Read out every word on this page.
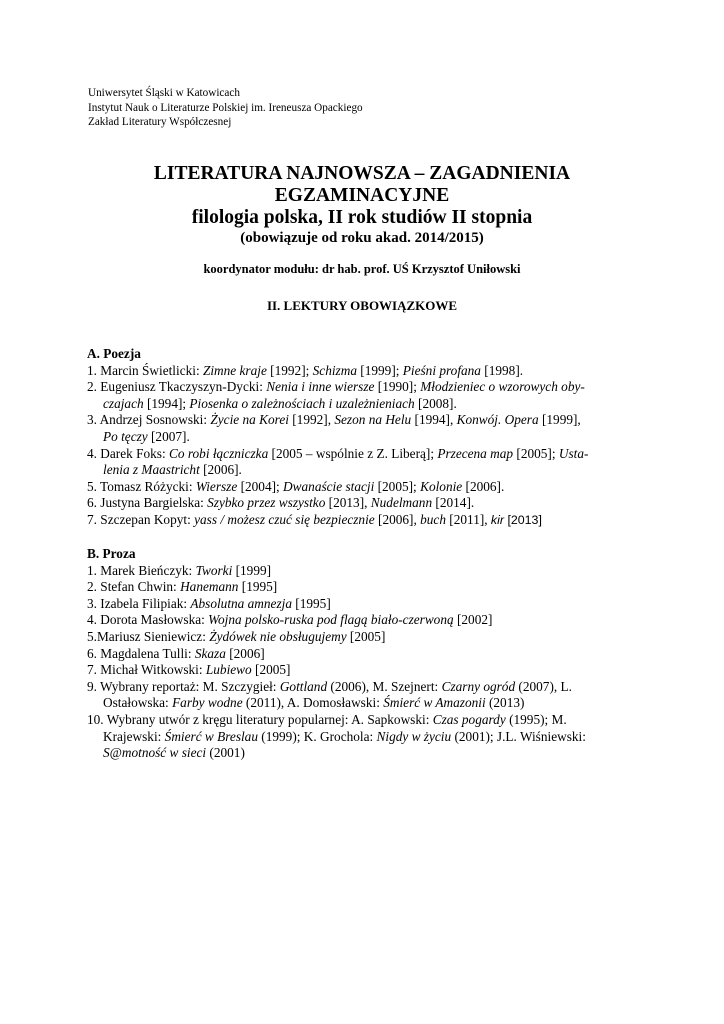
Uniwersytet Śląski w Katowicach
Instytut Nauk o Literaturze Polskiej im. Ireneusza Opackiego
Zakład Literatury Współczesnej
LITERATURA NAJNOWSZA – ZAGADNIENIA
EGZAMINACYJNE
filologia polska, II rok studiów II stopnia
(obowiązuje od roku akad. 2014/2015)
koordynator modułu: dr hab. prof. UŚ Krzysztof Uniłowski
II. LEKTURY OBOWIĄZKOWE
A. Poezja
1. Marcin Świetlicki: Zimne kraje [1992]; Schizma [1999]; Pieśni profana [1998].
2. Eugeniusz Tkaczyszyn-Dycki: Nenia i inne wiersze [1990]; Młodzieniec o wzorowych oby-
czajach [1994]; Piosenka o zależnościach i uzależnieniach [2008].
3. Andrzej Sosnowski: Życie na Korei [1992], Sezon na Helu [1994], Konwój. Opera [1999],
Po tęczy [2007].
4. Darek Foks: Co robi łączniczka [2005 – wspólnie z Z. Liberą]; Przecena map [2005]; Usta-
lenia z Maastricht [2006].
5. Tomasz Różycki: Wiersze [2004]; Dwanaście stacji [2005]; Kolonie [2006].
6. Justyna Bargielska: Szybko przez wszystko [2013], Nudelmann [2014].
7. Szczepan Kopyt: yass / możesz czuć się bezpiecznie [2006], buch [2011], kir [2013]
B. Proza
1. Marek Bieńczyk: Tworki [1999]
2. Stefan Chwin: Hanemann [1995]
3. Izabela Filipiak: Absolutna amnezja [1995]
4. Dorota Masłowska: Wojna polsko-ruska pod flagą biało-czerwoną [2002]
5.Mariusz Sieniewicz: Żydówek nie obsługujemy [2005]
6. Magdalena Tulli: Skaza [2006]
7. Michał Witkowski: Lubiewo [2005]
9. Wybrany reportaż: M. Szczygieł: Gottland (2006), M. Szejnert: Czarny ogród (2007), L.
Ostałowska: Farby wodne (2011), A. Domosławski: Śmierć w Amazonii (2013)
10. Wybrany utwór z kręgu literatury popularnej: A. Sapkowski: Czas pogardy (1995); M.
Krajewski: Śmierć w Breslau (1999); K. Grochola: Nigdy w życiu (2001); J.L. Wiśniewski:
S@motność w sieci (2001)
